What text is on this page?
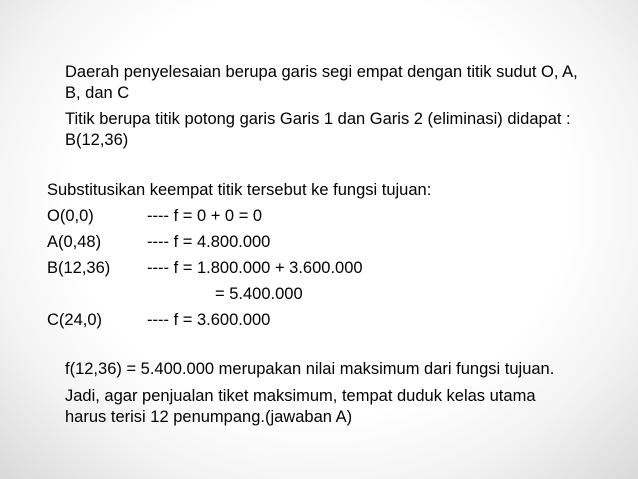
Daerah penyelesaian berupa garis segi empat dengan titik sudut O, A,
B, dan C
Titik berupa titik potong garis Garis 1 dan Garis 2 (eliminasi) didapat :
B(12,36)
Substitusikan keempat titik tersebut ke fungsi tujuan:
O(0,0)	---- f = 0 + 0 = 0
A(0,48)	---- f = 4.800.000
B(12,36) ---- f = 1.800.000 + 3.600.000
= 5.400.000
C(24,0)	---- f = 3.600.000
f(12,36) = 5.400.000 merupakan nilai maksimum dari fungsi tujuan.
Jadi, agar penjualan tiket maksimum, tempat duduk kelas utama
harus terisi 12 penumpang.(jawaban A)
